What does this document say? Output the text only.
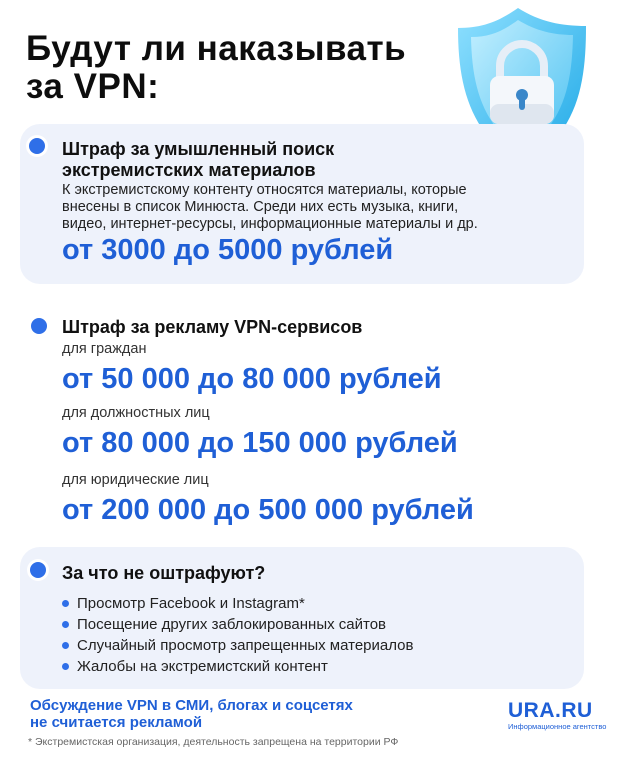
Будут ли наказывать
за VPN:
Штраф за умышленный поиск
экстремистских материалов
К экстремистскому контенту относятся материалы, которые
внесены в список Минюста. Среди них есть музыка, книги,
видео, интернет-ресурсы, информационные материалы и др.
от 3000 до 5000 рублей
Штраф за рекламу VPN-сервисов
для граждан
от 50 000 до 80 000 рублей
для должностных лиц
от 80 000 до 150 000 рублей
для юридические лиц
от 200 000 до 500 000 рублей
За что не оштрафуют?
Просмотр Facebook и Instagram*
Посещение других заблокированных сайтов
Случайный просмотр запрещенных материалов
Жалобы на экстремистский контент
Обсуждение VPN в СМИ, блогах и соцсетях
не считается рекламой
URA.RU
Информационное агентство
* Экстремистская организация, деятельность запрещена на территории РФ
